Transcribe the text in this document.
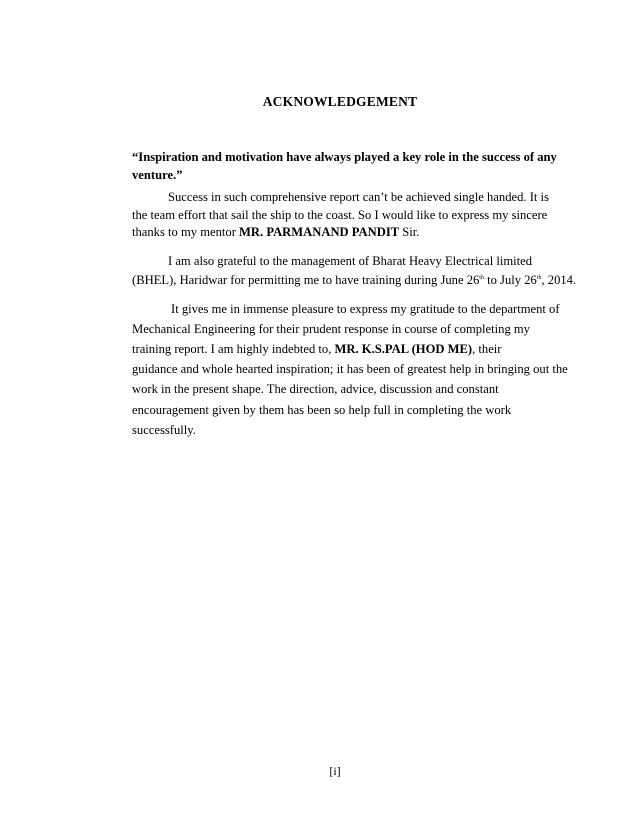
ACKNOWLEDGEMENT
“Inspiration and motivation have always played a key role in the success of any
venture.”
Success in such comprehensive report can’t be achieved single handed. It is
the team effort that sail the ship to the coast. So I would like to express my sincere
thanks to my mentor MR. PARMANAND PANDIT Sir.
I am also grateful to the management of Bharat Heavy Electrical limited
(BHEL), Haridwar for permitting me to have training during June 26th to July 26th, 2014.
It gives me in immense pleasure to express my gratitude to the department of
Mechanical Engineering for their prudent response in course of completing my
training report. I am highly indebted to, MR. K.S.PAL (HOD ME), their
guidance and whole hearted inspiration; it has been of greatest help in bringing out the
work in the present shape. The direction, advice, discussion and constant
encouragement given by them has been so help full in completing the work
successfully.
[i]
